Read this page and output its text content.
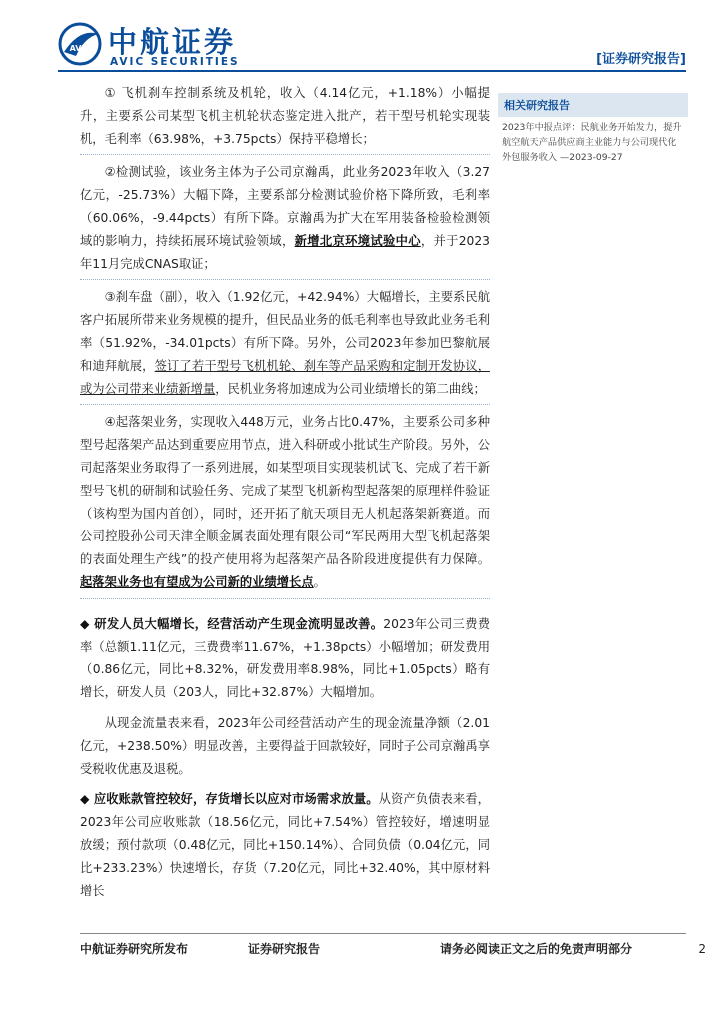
AVIC 中航证券
AVIC SECURITIES	[证券研究报告]

① 飞机刹车控制系统及机轮，收入（4.14亿元，+1.18%）小幅提升，主要系公司某型飞机主机轮状态鉴定进入批产，若干型号机轮实现装机，毛利率（63.98%，+3.75pcts）保持平稳增长；

②检测试验，该业务主体为子公司京瀚禹，此业务2023年收入（3.27亿元，-25.73%）大幅下降，主要系部分检测试验价格下降所致，毛利率（60.06%，-9.44pcts）有所下降。京瀚禹为扩大在军用装备检验检测领域的影响力，持续拓展环境试验领域，新增北京环境试验中心，并于2023年11月完成CNAS取证；

③刹车盘（副），收入（1.92亿元，+42.94%）大幅增长，主要系民航客户拓展所带来业务规模的提升，但民品业务的低毛利率也导致此业务毛利率（51.92%，-34.01pcts）有所下降。另外，公司2023年参加巴黎航展和迪拜航展，签订了若干型号飞机机轮、刹车等产品采购和定制开发协议，或为公司带来业绩新增量，民机业务将加速成为公司业绩增长的第二曲线；

④起落架业务，实现收入448万元，业务占比0.47%，主要系公司多种型号起落架产品达到重要应用节点，进入科研或小批试生产阶段。另外，公司起落架业务取得了一系列进展，如某型项目实现装机试飞、完成了若干新型号飞机的研制和试验任务、完成了某型飞机新构型起落架的原理样件验证（该构型为国内首创），同时，还开拓了航天项目无人机起落架新赛道。而公司控股孙公司天津全顺金属表面处理有限公司“军民两用大型飞机起落架的表面处理生产线”的投产使用将为起落架产品各阶段进度提供有力保障。起落架业务也有望成为公司新的业绩增长点。

◆ 研发人员大幅增长，经营活动产生现金流明显改善。2023年公司三费费率（总额1.11亿元，三费费率11.67%，+1.38pcts）小幅增加；研发费用（0.86亿元，同比+8.32%，研发费用率8.98%，同比+1.05pcts）略有增长，研发人员（203人，同比+32.87%）大幅增加。

从现金流量表来看，2023年公司经营活动产生的现金流量净额（2.01亿元，+238.50%）明显改善，主要得益于回款较好，同时子公司京瀚禹享受税收优惠及退税。

◆ 应收账款管控较好，存货增长以应对市场需求放量。从资产负债表来看，2023年公司应收账款（18.56亿元，同比+7.54%）管控较好，增速明显放缓；预付款项（0.48亿元，同比+150.14%）、合同负债（0.04亿元，同比+233.23%）快速增长，存货（7.20亿元，同比+32.40%，其中原材料增长

相关研究报告
2023年中报点评：民航业务开始发力，提升航空航天产品供应商主业能力与公司现代化外包服务收入 —2023-09-27
中航证券研究所发布	证券研究报告	请务必阅读正文之后的免责声明部分	2
